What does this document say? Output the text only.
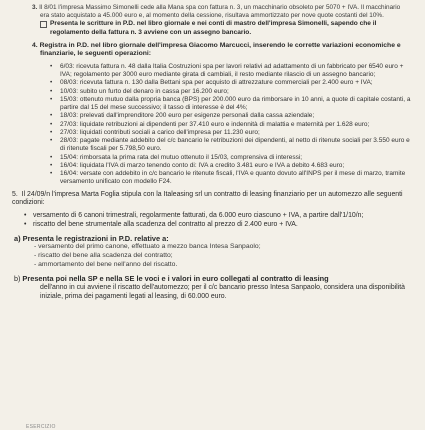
3. Il 8/01 l'impresa Massimo Simonelli cede alla Mana spa con fattura n. 3, un macchinario obsoleto per 5070 + IVA. Il macchinario era stato acquistato a 45.000 euro e, al momento della cessione, risultava ammortizzato per nove quote costanti del 10%.

Presenta le scritture in P.D. nel libro giornale e nei conti di mastro dell'impresa Simonelli, sapendo che il regolamento della fattura n. 3 avviene con un assegno bancario.

4. Registra in P.D. nel libro giornale dell'impresa Giacomo Marcucci, inserendo le corrette variazioni economiche e finanziarie, le seguenti operazioni:

• 6/03: ricevuta fattura n. 48 dalla Italia Costruzioni spa per lavori relativi ad adattamento di un fabbricato per 6540 euro + IVA; regolamento per 3000 euro mediante girata di cambiali, il resto mediante rilascio di un assegno bancario;
• 08/03: ricevuta fattura n. 130 dalla Bettani spa per acquisto di attrezzature commerciali per 2.400 euro + IVA;
• 10/03: subito un furto del denaro in cassa per 16.200 euro;
• 15/03: ottenuto mutuo dalla propria banca (BPS) per 200.000 euro da rimborsare in 10 anni, a quote di capitale costanti, a partire dal 15 del mese successivo; il tasso di interesse è del 4%;
• 18/03: prelevati dall'imprenditore 200 euro per esigenze personali dalla cassa aziendale;
• 27/03: liquidate retribuzioni ai dipendenti per 37.410 euro e indennità di malattia e maternità per 1.628 euro;
• 27/03: liquidati contributi sociali a carico dell'impresa per 11.230 euro;
• 28/03: pagate mediante addebito del c/c bancario le retribuzioni dei dipendenti, al netto di ritenute sociali per 3.550 euro e di ritenute fiscali per 5.798,50 euro.
• 15/04: rimborsata la prima rata del mutuo ottenuto il 15/03, comprensiva di interessi;
• 16/04: liquidata l'IVA di marzo tenendo conto di: IVA a credito 3.481 euro e IVA a debito 4.683 euro;
• 16/04: versate con addebito in c/c bancario le ritenute fiscali, l'IVA e quanto dovuto all'INPS per il mese di marzo, tramite versamento unificato con modello F24.

5. Il 24/09/n l'impresa Marta Foglia stipula con la Italeasing srl un contratto di leasing finanziario per un automezzo alle seguenti condizioni:

• versamento di 6 canoni trimestrali, regolarmente fatturati, da 6.000 euro ciascuno + IVA, a partire dall'1/10/n;
• riscatto del bene strumentale alla scadenza del contratto al prezzo di 2.400 euro + IVA.
a) Presenta le registrazioni in P.D. relative a:
- versamento del primo canone, effettuato a mezzo banca Intesa Sanpaolo;
- riscatto del bene alla scadenza del contratto;
- ammortamento del bene nell'anno del riscatto.
b) Presenta poi nella SP e nella SE le voci e i valori in euro collegati al contratto di leasing
dell'anno in cui avviene il riscatto dell'automezzo; per il c/c bancario presso Intesa Sanpaolo, considera una disponibilità iniziale, prima dei pagamenti legati al leasing, di 60.000 euro.
ESERCIZIO
